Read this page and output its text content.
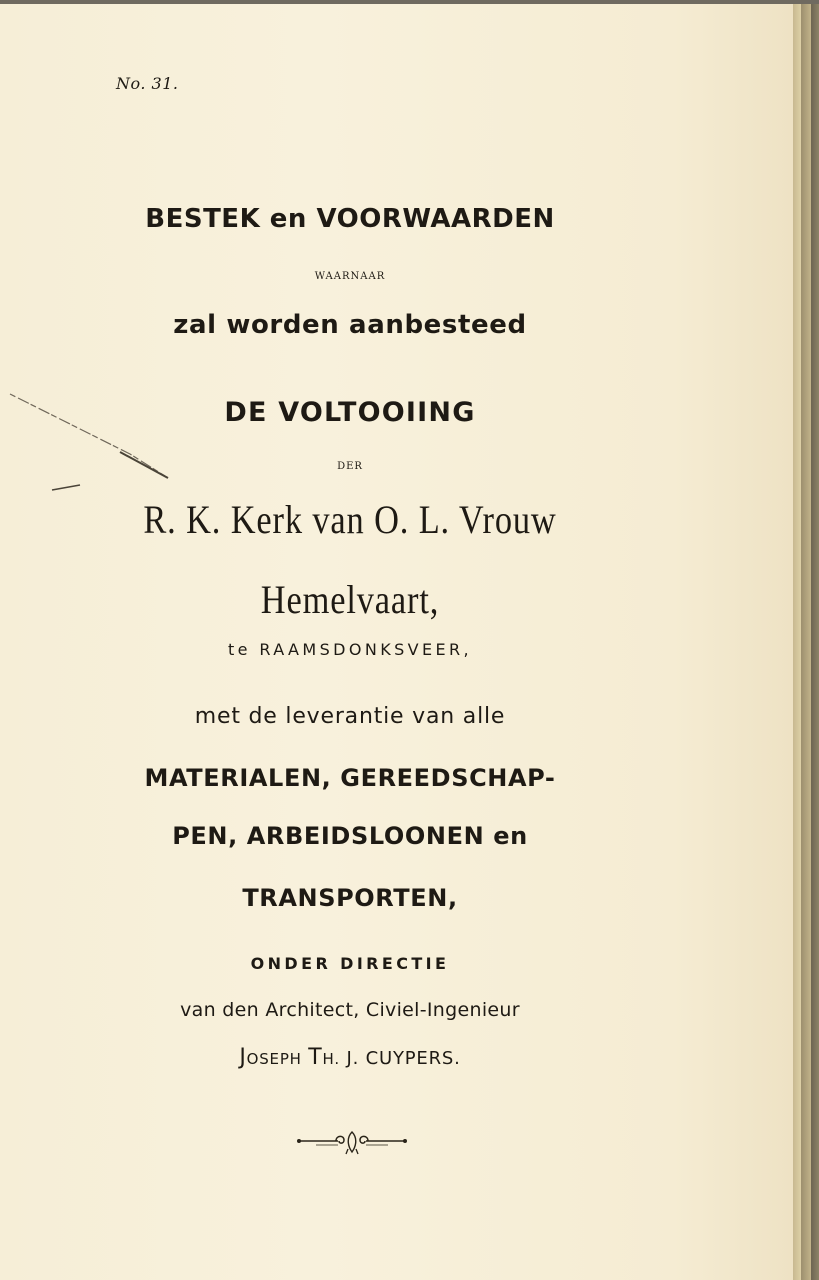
No. 31.
BESTEK en VOORWAARDEN
WAARNAAR
zal worden aanbesteed
DE VOLTOOIING
DER
R. K. Kerk van O. L. Vrouw
Hemelvaart,
te RAAMSDONKSVEER,
met de leverantie van alle
MATERIALEN, GEREEDSCHAP-
PEN, ARBEIDSLOONEN en
TRANSPORTEN,
ONDER DIRECTIE
van den Architect, Civiel-Ingenieur
JOSEPH TH. J. CUYPERS.
